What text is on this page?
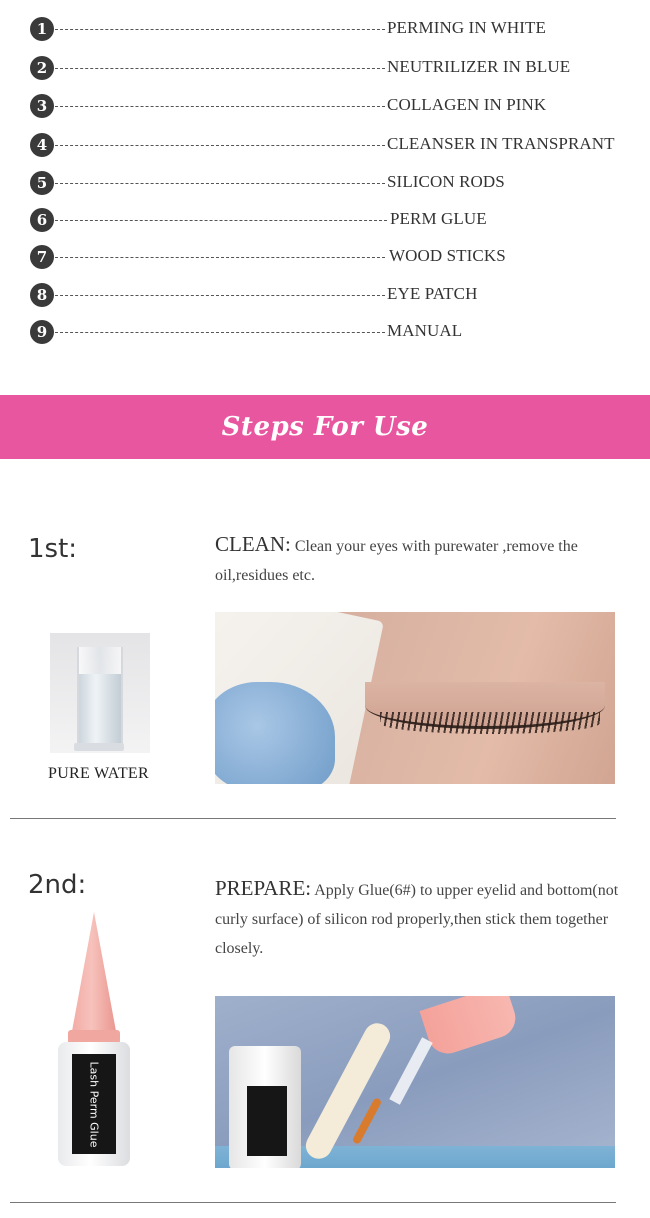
1	PERMING IN WHITE
2	NEUTRILIZER IN BLUE
3	COLLAGEN IN PINK
4	CLEANSER IN TRANSPRANT
5	SILICON RODS
6	PERM GLUE
7	WOOD STICKS
8	EYE PATCH
9	MANUAL
Steps For Use
1st:	CLEAN: Clean your eyes with purewater ,remove the oil,residues etc.
PURE WATER
2nd:	PREPARE: Apply Glue(6#) to upper eyelid and bottom(not curly surface) of silicon rod properly,then stick them together closely.
Lash Perm Glue
